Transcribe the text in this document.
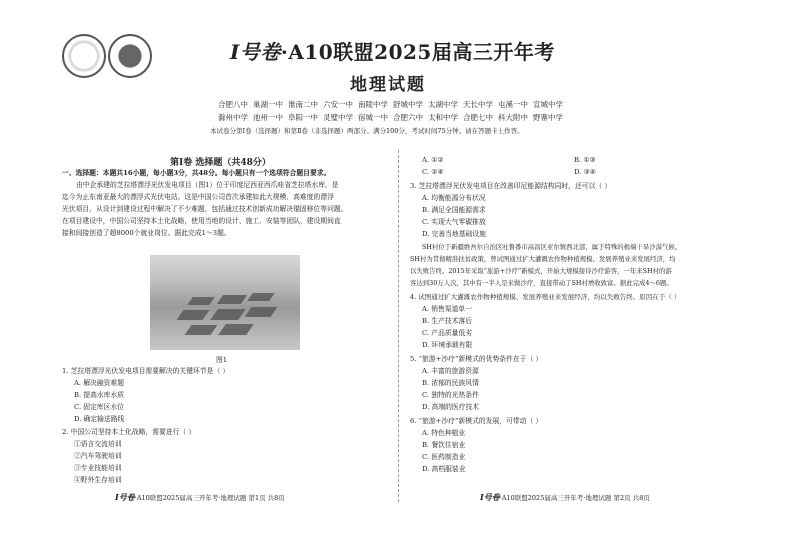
I号卷·A10联盟2025届高三开年考
地理试题
合肥八中 巢湖一中 淮南二中 六安一中 南陵中学 舒城中学 太湖中学 天长中学 屯溪一中 宣城中学
滁州中学 池州一中 阜阳一中 灵璧中学 宿城一中 合肥六中 太和中学 合肥七中 科大附中 野寨中学
本试卷分第Ⅰ卷（选择题）和第Ⅱ卷（非选择题）两部分。满分100分，考试时间75分钟。请在答题卡上作答。
第Ⅰ卷 选择题（共48分）
一、选择题：本题共16小题，每小题3分，共48分。每小题只有一个选项符合题目要求。
由中企承建的芝拉塔漂浮光伏发电项目（图1）位于印度尼西亚西爪哇省芝拉塔水库，是
迄今为止东南亚最大的漂浮式光伏电站。这是中国公司首次承建如此大规模、高难度的漂浮
光伏项目，从设计到建设过程中解决了不少难题，包括通过技术创新成功解决锚固移位等问题。
在项目建设中，中国公司坚持本土化战略，使用当地的设计、施工、安装等团队，建设期间直
接和间接创造了超8000个就业岗位。据此完成1～3题。
图1
1. 芝拉塔漂浮光伏发电项目需要解决的关键环节是（ ）
A. 解决融资难题
B. 提高水库水质
C. 固定库区水位
D. 确定输送路线
2. 中国公司坚持本土化战略，需要进行（ ）
①语言交流培训
②汽车驾驶培训
③专业技能培训
④野外生存培训
I号卷·A10联盟2025届高三开年考·地理试题 第1页 共8页
A. ①②	B. ①③
C. ②④	D. ③④
3. 芝拉塔漂浮光伏发电项目在改善印尼能源结构同时，还可以（ ）
A. 均衡能源分布状况
B. 满足全国能源需求
C. 实现大气零碳排放
D. 完善当地基础设施
SH村位于新疆维吾尔自治区吐鲁番市高昌区亚尔镇西北部，属于特殊的极端干旱沙漠气候。
SH村为贯彻精准扶贫政策，曾试图通过扩大灌溉农作物种植规模、发展养殖业来发展经济，均
以失败告终。2015年采取“旅游+沙疗”新模式，开始大规模接待沙疗游客，一年来SH村的游
客达到30万人次，其中有一半人是来做沙疗，直接带动了SH村增收致富。据此完成4～6题。
4. 试图通过扩大灌溉农作物种植规模、发展养殖业来发展经济，均以失败告终。原因在于（ ）
A. 销售渠道单一
B. 生产技术落后
C. 产品质量低劣
D. 环境承载有限
5. “旅游+沙疗”新模式的优势条件在于（ ）
A. 丰富的旅游资源
B. 浓郁的民族风情
C. 独特的光热条件
D. 高端的医疗技术
6. “旅游+沙疗”新模式的发展，可带动（ ）
A. 特色种植业
B. 餐饮住宿业
C. 医药制造业
D. 高档服装业
I号卷·A10联盟2025届高三开年考·地理试题 第2页 共8页
